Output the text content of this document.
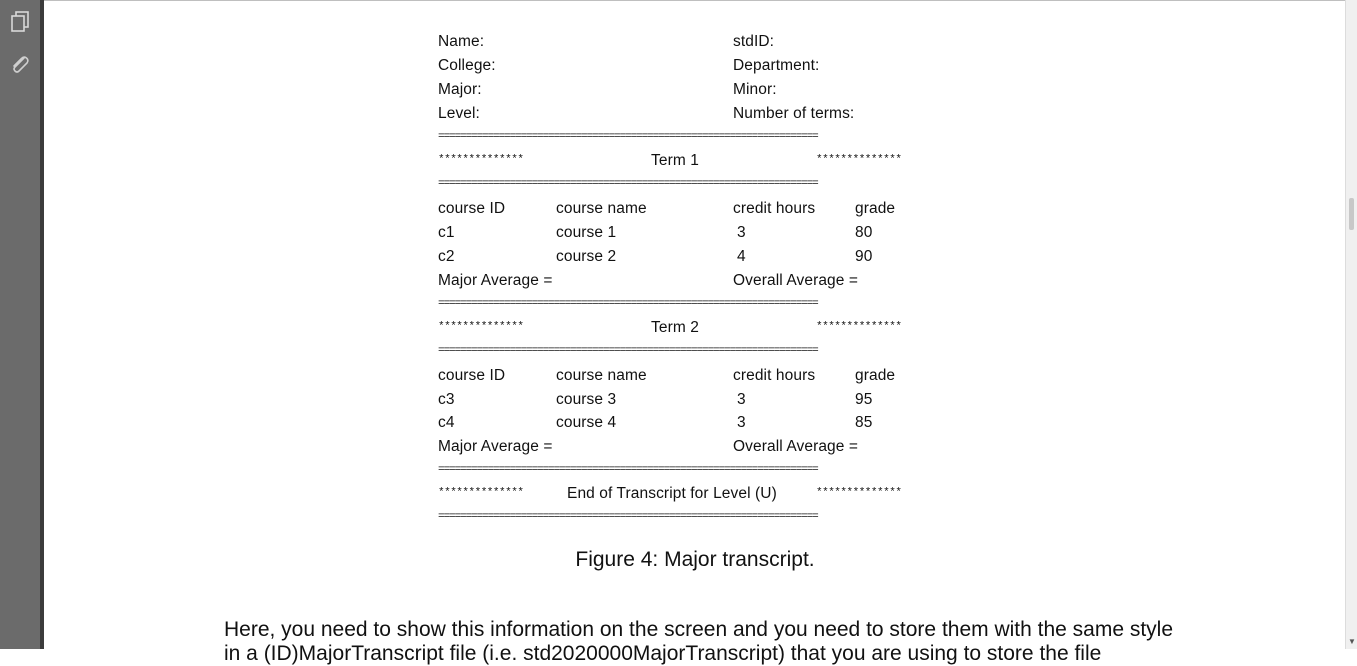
Name:	stdID:
College:	Department:
Major:	Minor:
Level:	Number of terms:
=====================================================================
**************	Term 1	**************
=====================================================================
course ID	course name	credit hours	grade
c1	course 1	3	80
c2	course 2	4	90
Major Average =	Overall Average =
=====================================================================
**************	Term 2	**************
=====================================================================
course ID	course name	credit hours	grade
c3	course 3	3	95
c4	course 4	3	85
Major Average =	Overall Average =
=====================================================================
**************	End of Transcript for Level (U)	**************
=====================================================================
Figure 4: Major transcript.
Here, you need to show this information on the screen and you need to store them with the same style
in a (ID)MajorTranscript file (i.e. std2020000MajorTranscript) that you are using to store the file
▼
